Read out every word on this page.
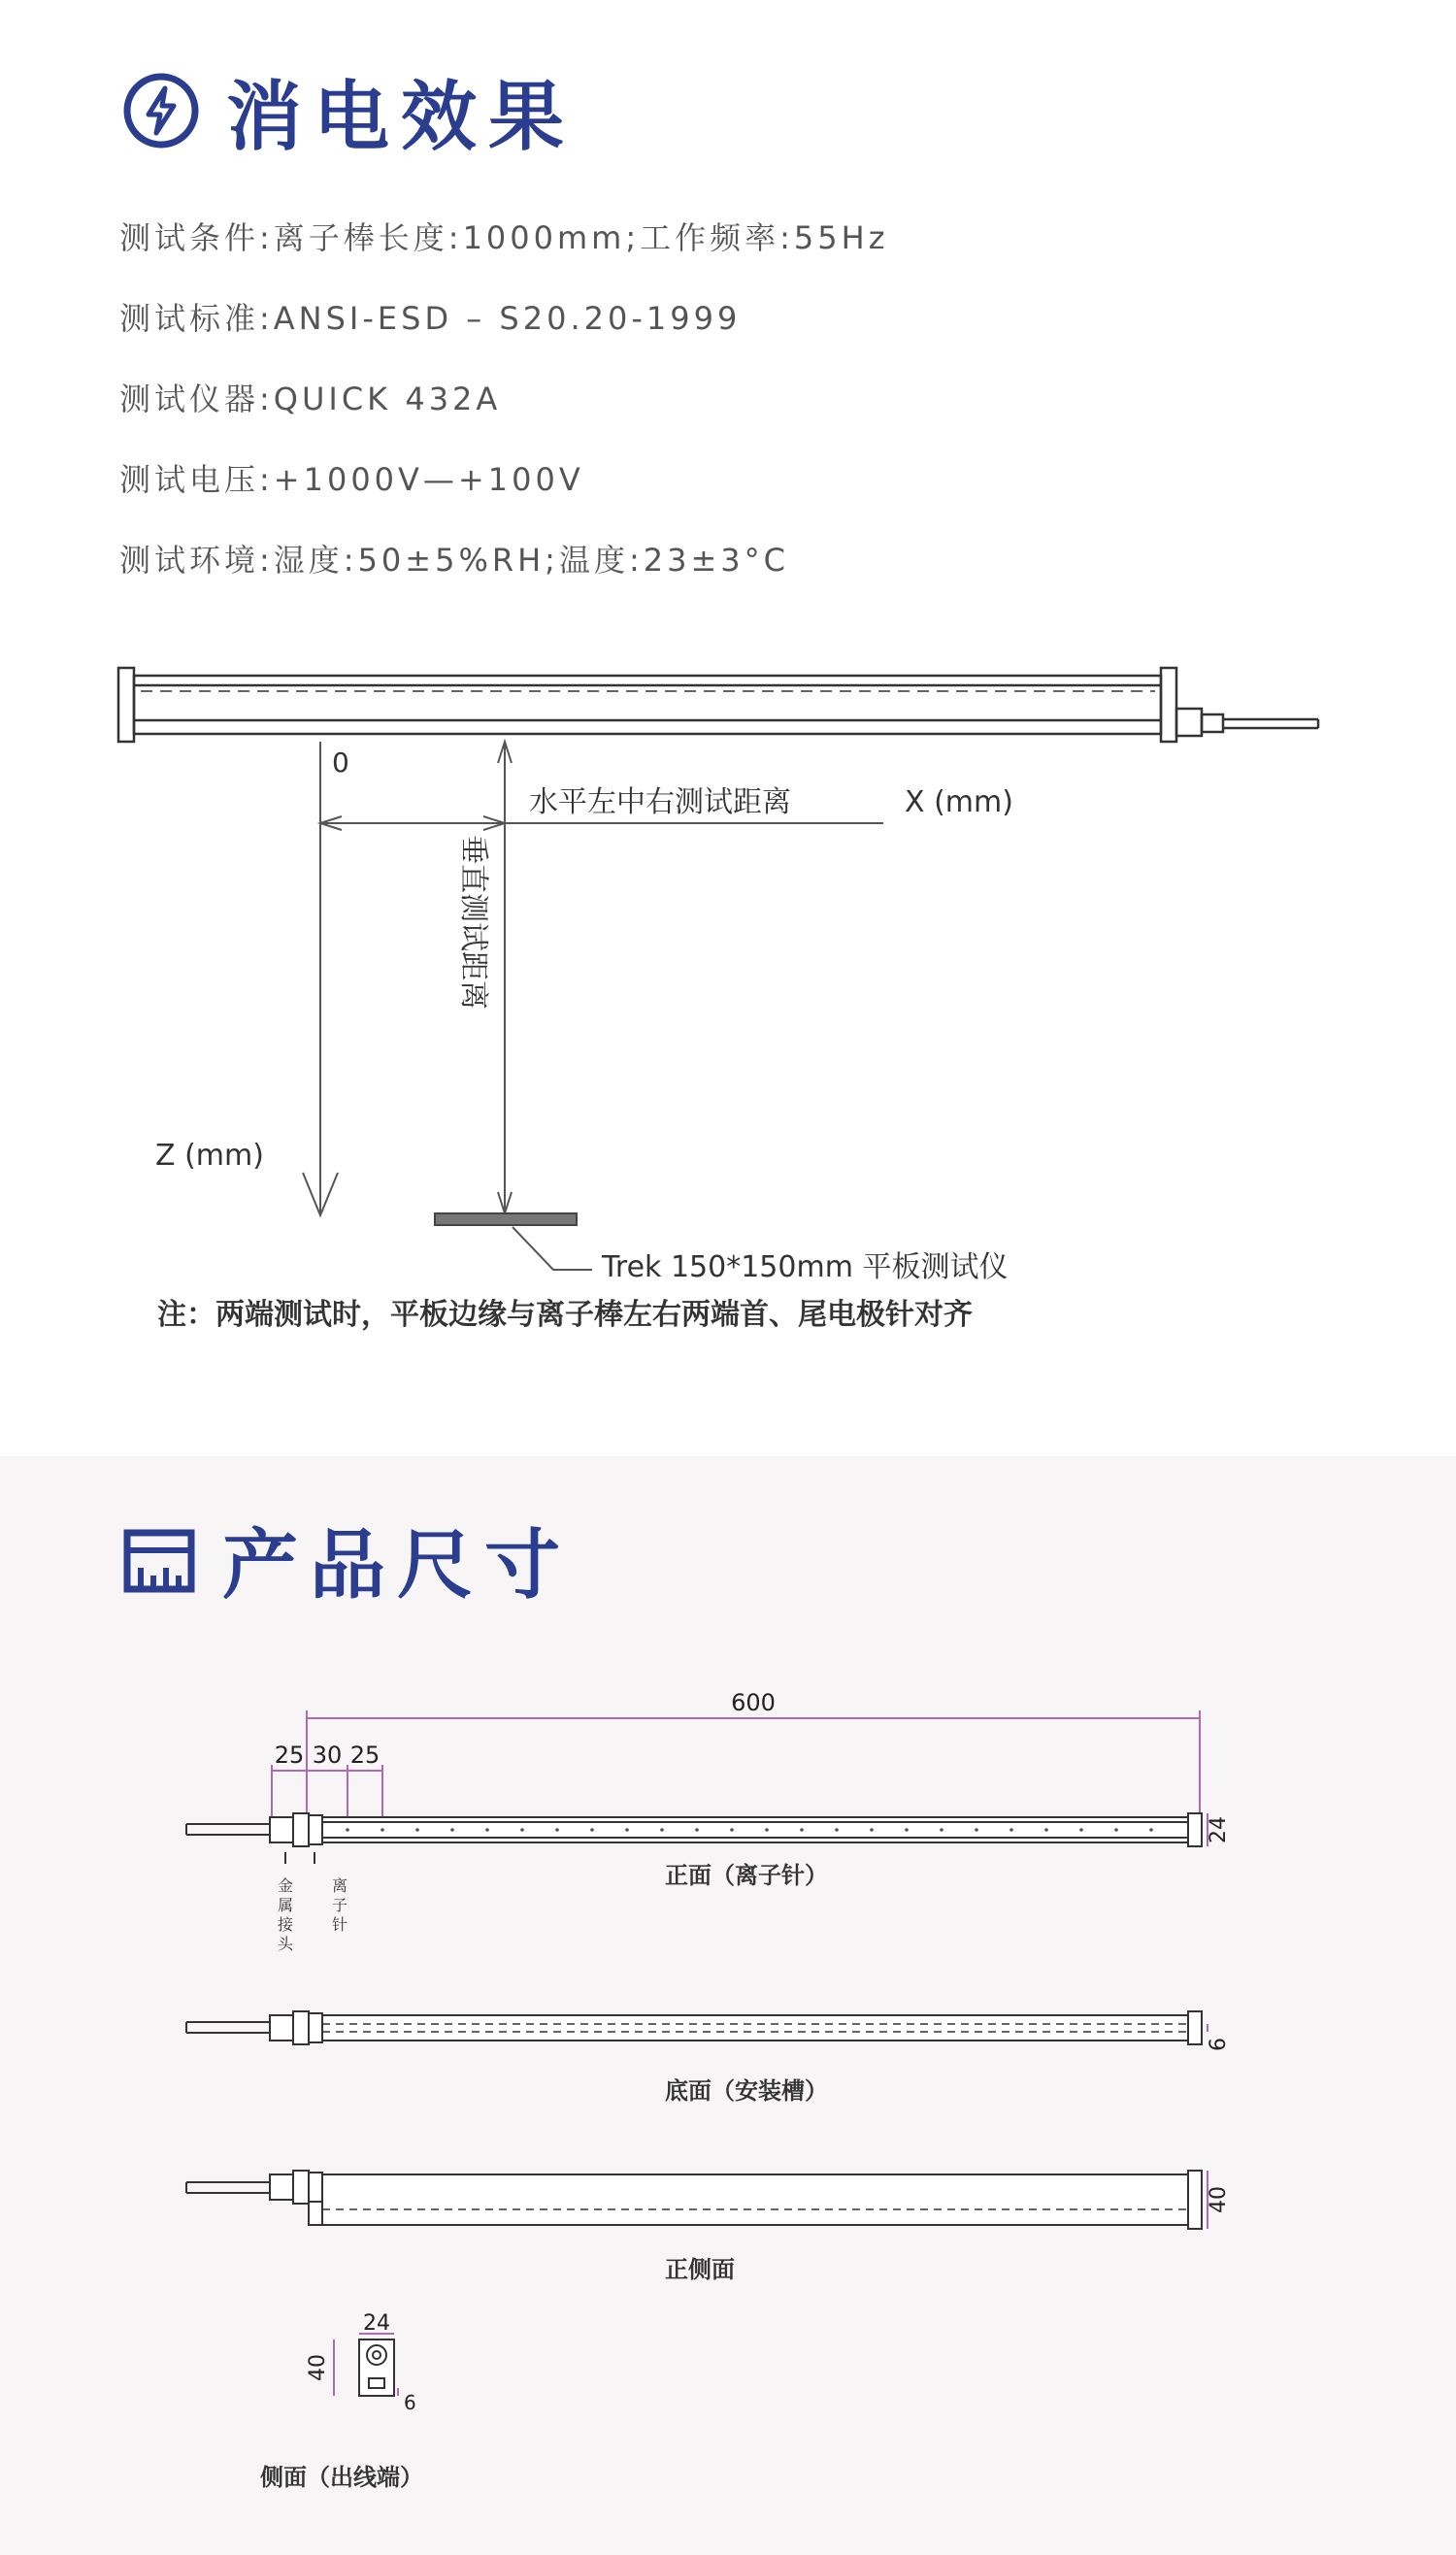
消电效果
测试条件:离子棒长度:1000mm;工作频率:55Hz
测试标准:ANSI-ESD – S20.20-1999
测试仪器:QUICK 432A
测试电压:+1000V—+100V
测试环境:湿度:50±5%RH;温度:23±3°C
0
水平左中右测试距离	X (mm)
垂直测试距离
Z (mm)
Trek 150*150mm 平板测试仪
注：两端测试时，平板边缘与离子棒左右两端首、尾电极针对齐
产品尺寸
600
25 30 25
24
正面（离子针）
金
属
接
头
离
子
针
6
底面（安装槽）
40
正侧面
24
40
6
侧面（出线端）
